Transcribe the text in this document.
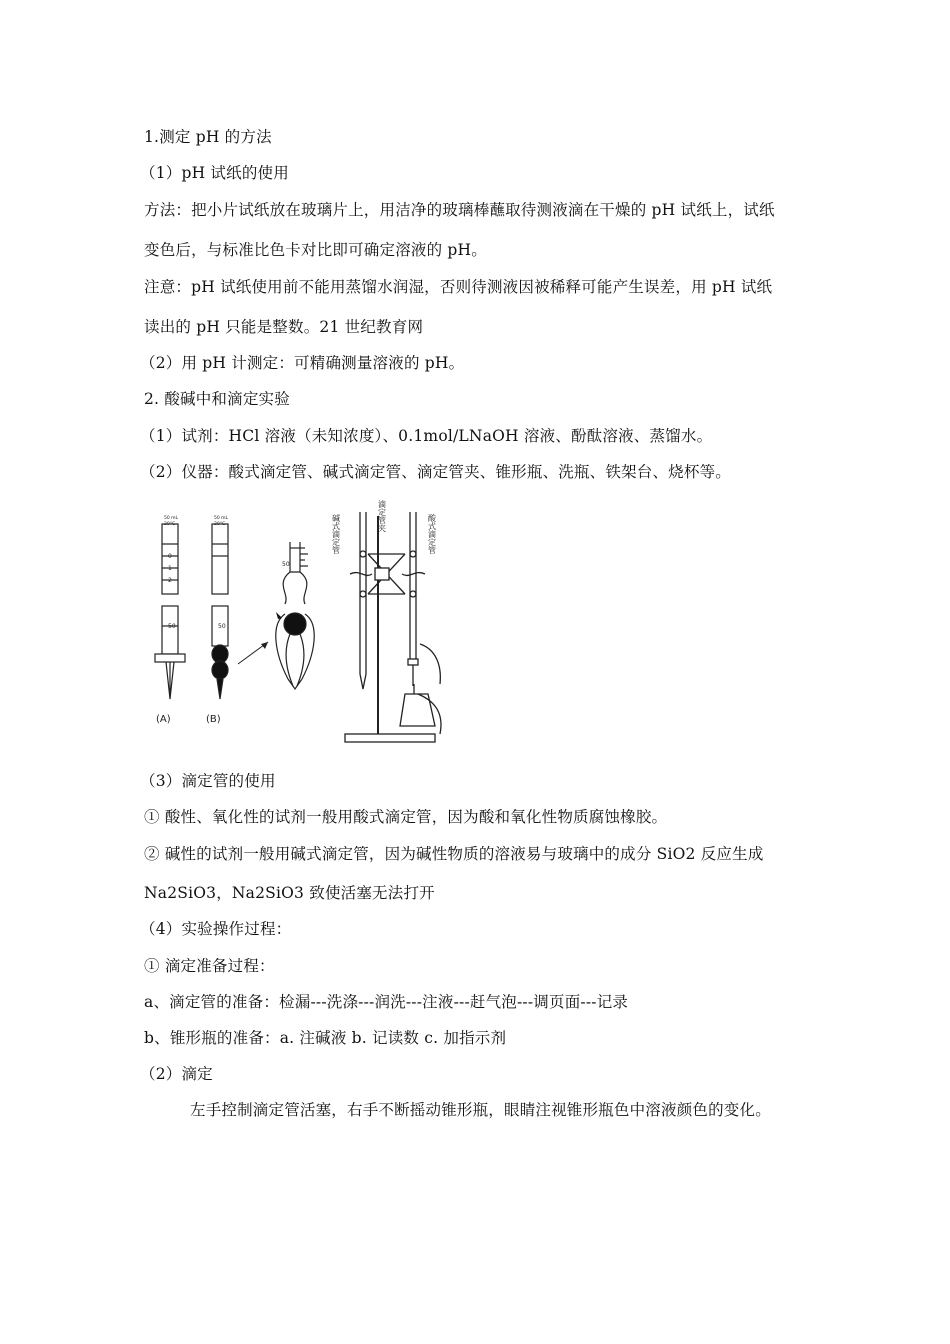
1.测定 pH 的方法
（1）pH 试纸的使用
方法：把小片试纸放在玻璃片上，用洁净的玻璃棒蘸取待测液滴在干燥的 pH 试纸上，试纸
变色后，与标准比色卡对比即可确定溶液的 pH。
注意：pH 试纸使用前不能用蒸馏水润湿，否则待测液因被稀释可能产生误差，用 pH 试纸
读出的 pH 只能是整数。21 世纪教育网
（2）用 pH 计测定：可精确测量溶液的 pH。
2. 酸碱中和滴定实验
（1）试剂：HCl 溶液（未知浓度）、0.1mol/LNaOH 溶液、酚酞溶液、蒸馏水。
（2）仪器：酸式滴定管、碱式滴定管、滴定管夹、锥形瓶、洗瓶、铁架台、烧杯等。
50 mL
20°C
0
1
2
50
(A)
50 mL
20°C
50
(B)
50
碱式滴定管	滴定管夹	酸式滴定管
（3）滴定管的使用
① 酸性、氧化性的试剂一般用酸式滴定管，因为酸和氧化性物质腐蚀橡胶。
② 碱性的试剂一般用碱式滴定管，因为碱性物质的溶液易与玻璃中的成分 SiO2 反应生成
Na2SiO3，Na2SiO3 致使活塞无法打开
（4）实验操作过程：
① 滴定准备过程：
a、滴定管的准备：检漏---洗涤---润洗---注液---赶气泡---调页面---记录
b、锥形瓶的准备：a. 注碱液 b. 记读数 c. 加指示剂
（2）滴定
左手控制滴定管活塞，右手不断摇动锥形瓶，眼睛注视锥形瓶色中溶液颜色的变化。
